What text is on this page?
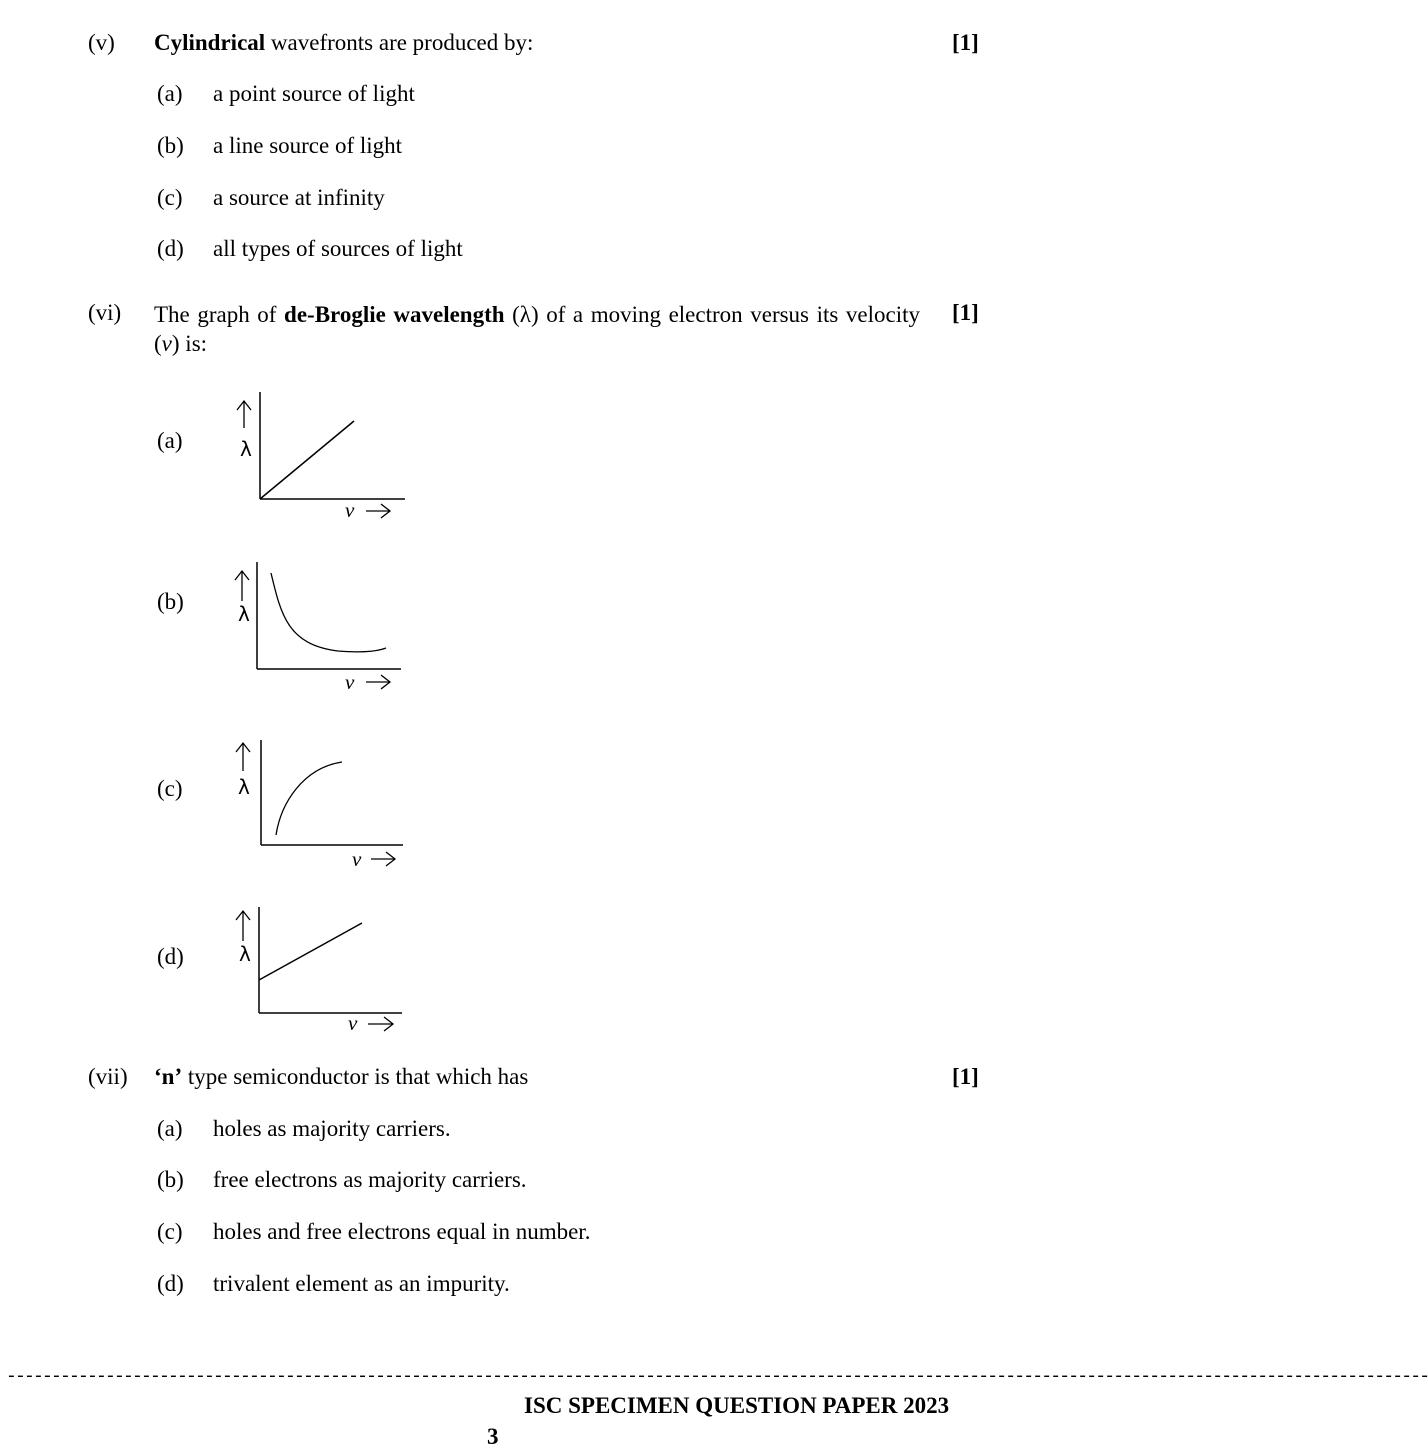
(v) Cylindrical wavefronts are produced by:	[1]
(a) a point source of light
(b) a line source of light
(c) a source at infinity
(d) all types of sources of light
(vi) The graph of de-Broglie wavelength (λ) of a moving electron versus its velocity (v) is:
[1]
(a)	λ
v
(b)	λ
v
(c)	λ
v
(d)	λ
v
(vii) ‘n’ type semiconductor is that which has	[1]
(a) holes as majority carriers.
(b) free electrons as majority carriers.
(c) holes and free electrons equal in number.
(d) trivalent element as an impurity.
--------------------------------------------------------------------------------------------------------------------------------------------------------------
ISC SPECIMEN QUESTION PAPER 2023
3
